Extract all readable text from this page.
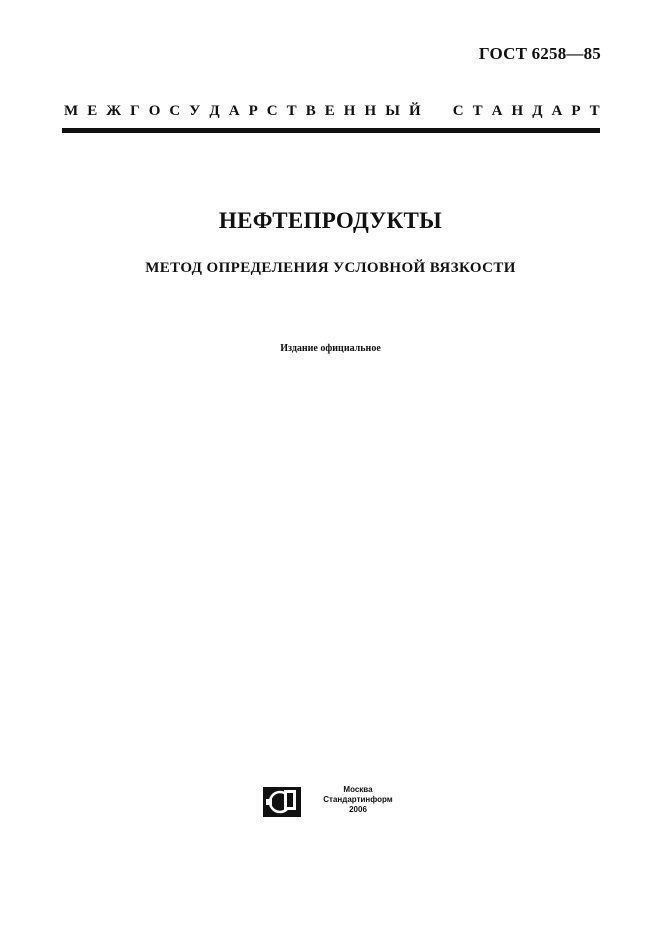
ГОСТ 6258—85
М Е Ж Г О С У Д А Р С Т В Е Н Н Ы Й
С Т А Н Д А Р Т
НЕФТЕПРОДУКТЫ
МЕТОД ОПРЕДЕЛЕНИЯ УСЛОВНОЙ ВЯЗКОСТИ
Издание официальное
Москва
Стандартинформ
2006
